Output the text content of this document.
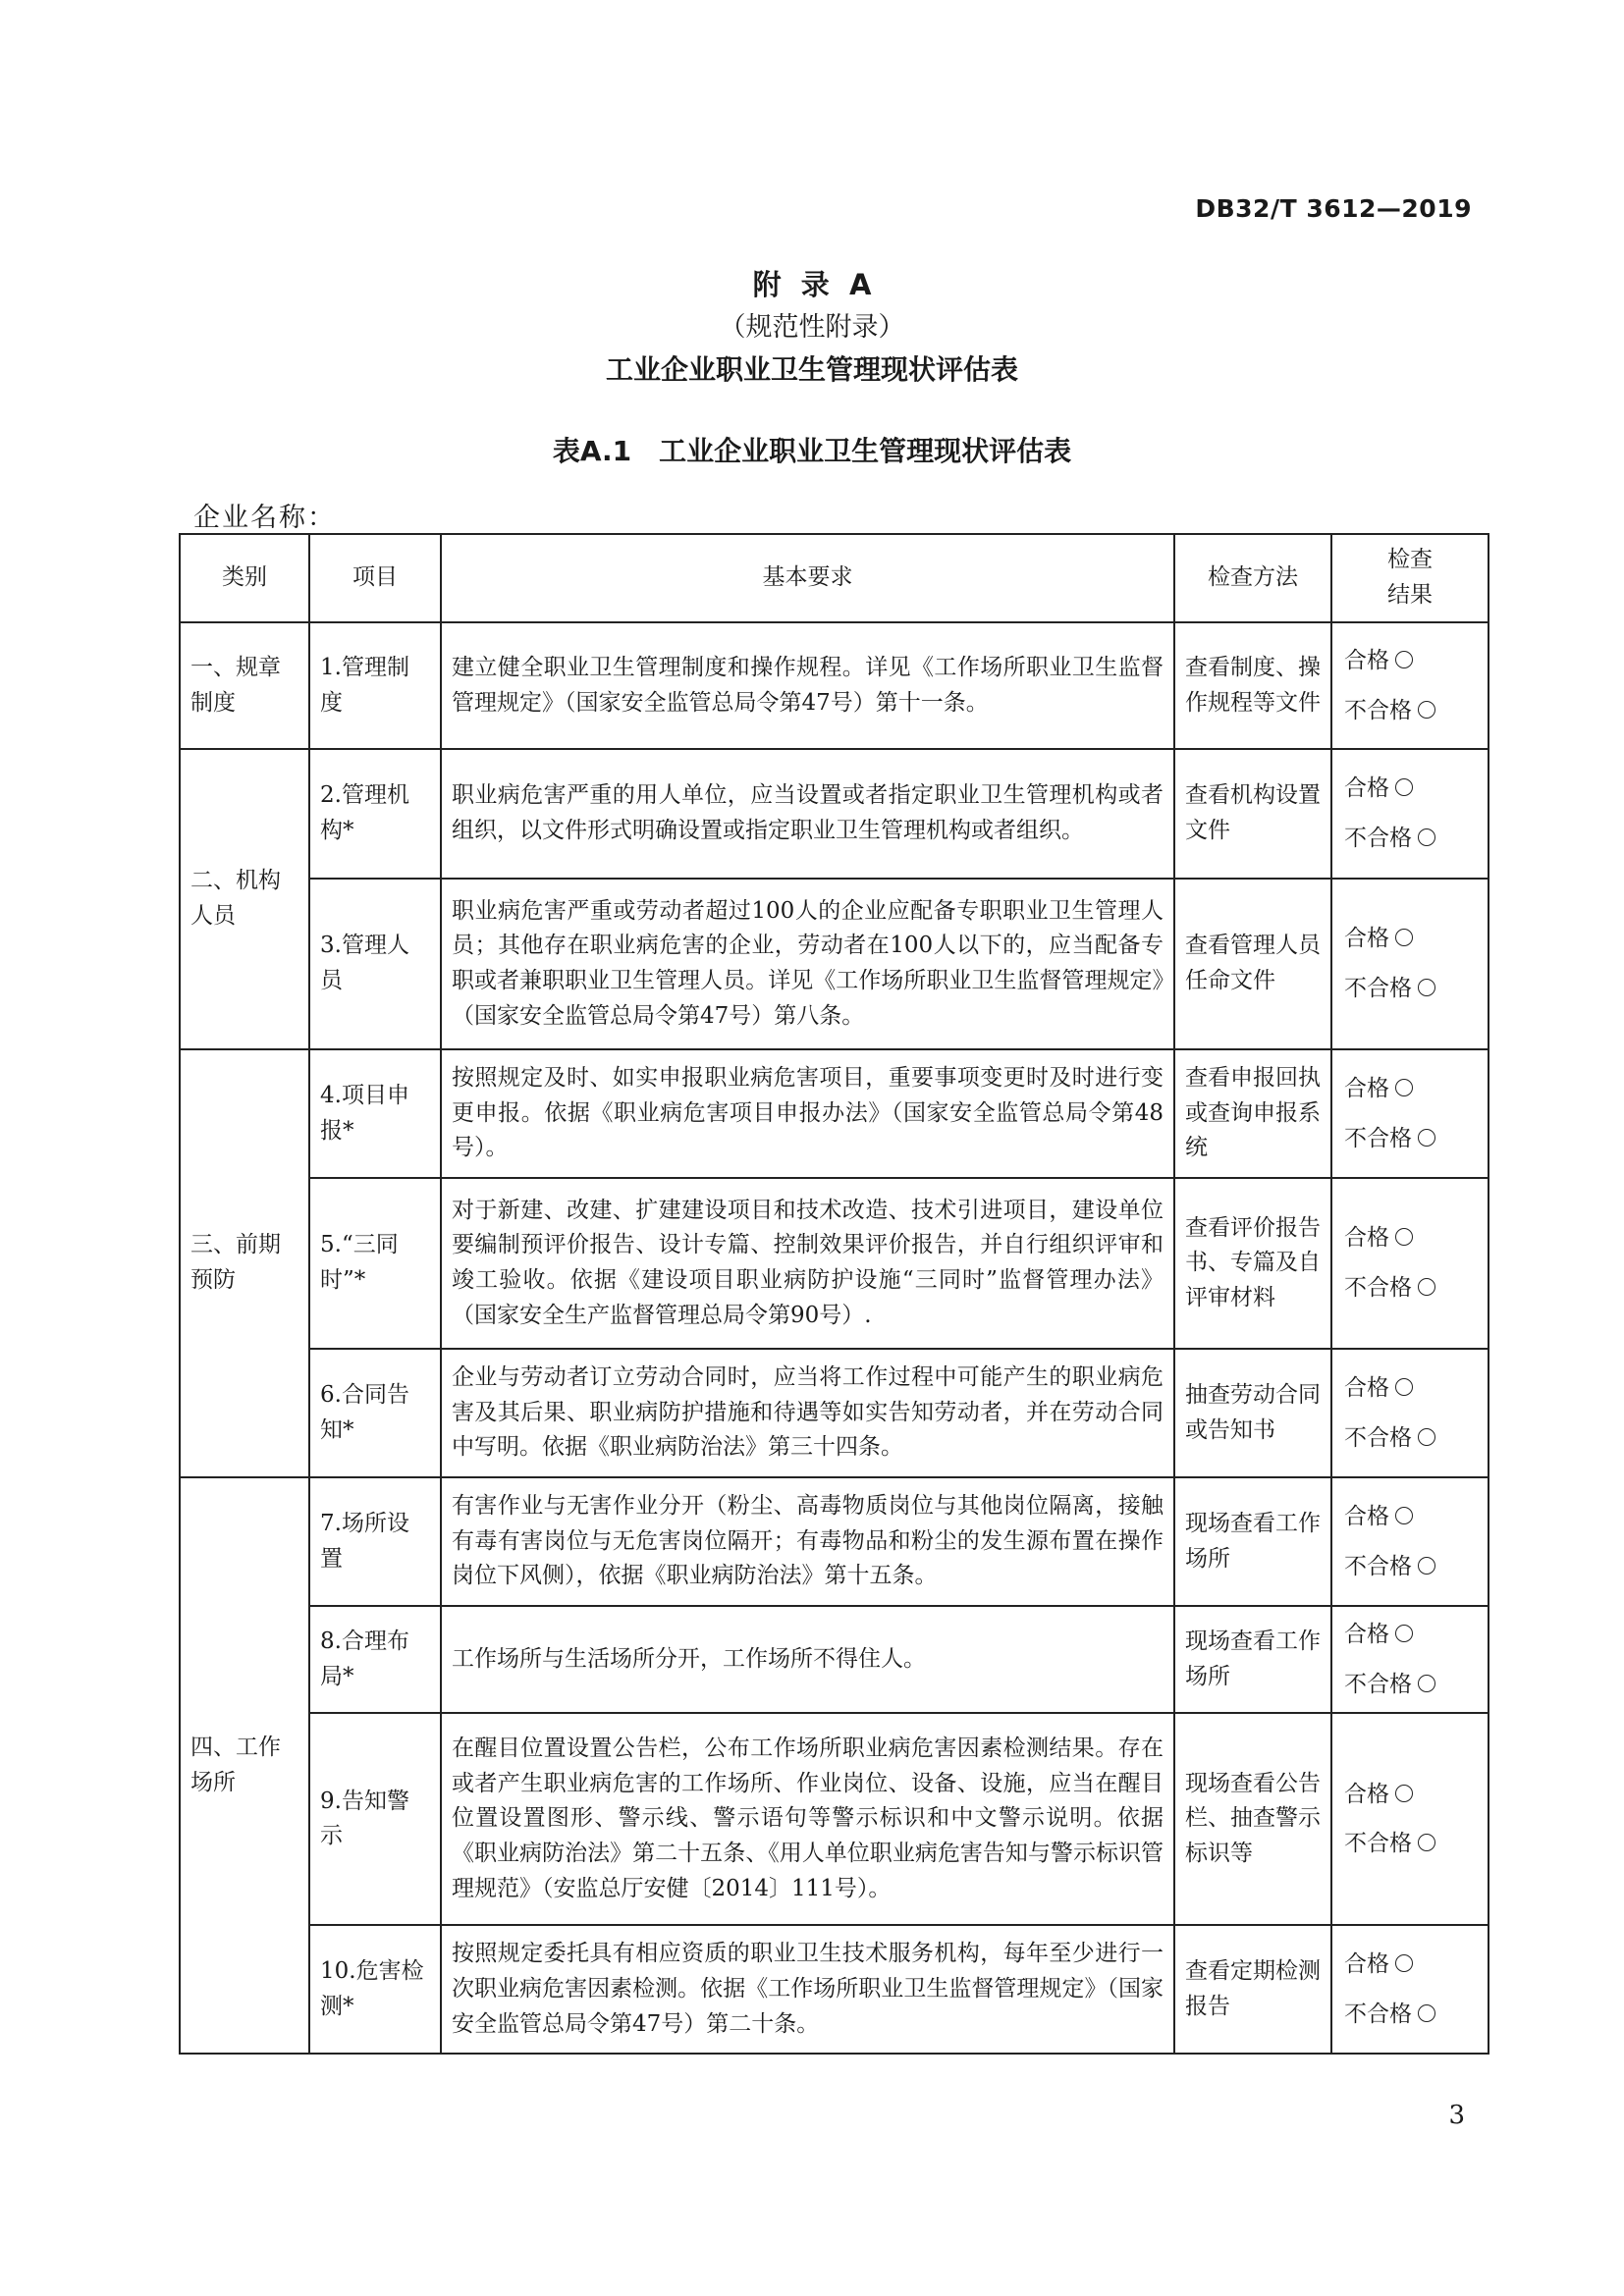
DB32/T 3612—2019
附  录  A
（规范性附录）
工业企业职业卫生管理现状评估表
表A.1　工业企业职业卫生管理现状评估表
企业名称：
类别	项目	基本要求	检查方法	检查
结果

一、规章制度	1.管理制度	建立健全职业卫生管理制度和操作规程。详见《工作场所职业卫生监督管理规定》（国家安全监管总局令第47号）第十一条。	查看制度、操作规程等文件	合格
不合格

二、机构人员	2.管理机构*	职业病危害严重的用人单位，应当设置或者指定职业卫生管理机构或者组织，以文件形式明确设置或指定职业卫生管理机构或者组织。	查看机构设置文件	合格
不合格

	3.管理人员	职业病危害严重或劳动者超过100人的企业应配备专职职业卫生管理人员；其他存在职业病危害的企业，劳动者在100人以下的，应当配备专职或者兼职职业卫生管理人员。详见《工作场所职业卫生监督管理规定》（国家安全监管总局令第47号）第八条。	查看管理人员任命文件	合格
不合格

三、前期预防	4.项目申报*	按照规定及时、如实申报职业病危害项目，重要事项变更时及时进行变更申报。依据《职业病危害项目申报办法》（国家安全监管总局令第48号）。	查看申报回执或查询申报系统	合格
不合格

	5.“三同时”*	对于新建、改建、扩建建设项目和技术改造、技术引进项目，建设单位要编制预评价报告、设计专篇、控制效果评价报告，并自行组织评审和竣工验收。依据《建设项目职业病防护设施“三同时”监督管理办法》（国家安全生产监督管理总局令第90号）.	查看评价报告书、专篇及自评审材料	合格
不合格

	6.合同告知*	企业与劳动者订立劳动合同时，应当将工作过程中可能产生的职业病危害及其后果、职业病防护措施和待遇等如实告知劳动者，并在劳动合同中写明。依据《职业病防治法》第三十四条。	抽查劳动合同或告知书	合格
不合格

四、工作场所	7.场所设置	有害作业与无害作业分开（粉尘、高毒物质岗位与其他岗位隔离，接触有毒有害岗位与无危害岗位隔开；有毒物品和粉尘的发生源布置在操作岗位下风侧），依据《职业病防治法》第十五条。	现场查看工作场所	合格
不合格

	8.合理布局*	工作场所与生活场所分开，工作场所不得住人。	现场查看工作场所	合格
不合格

	9.告知警示	在醒目位置设置公告栏，公布工作场所职业病危害因素检测结果。存在或者产生职业病危害的工作场所、作业岗位、设备、设施，应当在醒目位置设置图形、警示线、警示语句等警示标识和中文警示说明。依据《职业病防治法》第二十五条、《用人单位职业病危害告知与警示标识管理规范》（安监总厅安健〔2014〕111号）。	现场查看公告栏、抽查警示标识等	合格
不合格

	10.危害检测*	按照规定委托具有相应资质的职业卫生技术服务机构，每年至少进行一次职业病危害因素检测。依据《工作场所职业卫生监督管理规定》（国家安全监管总局令第47号）第二十条。	查看定期检测报告	合格
不合格
3
